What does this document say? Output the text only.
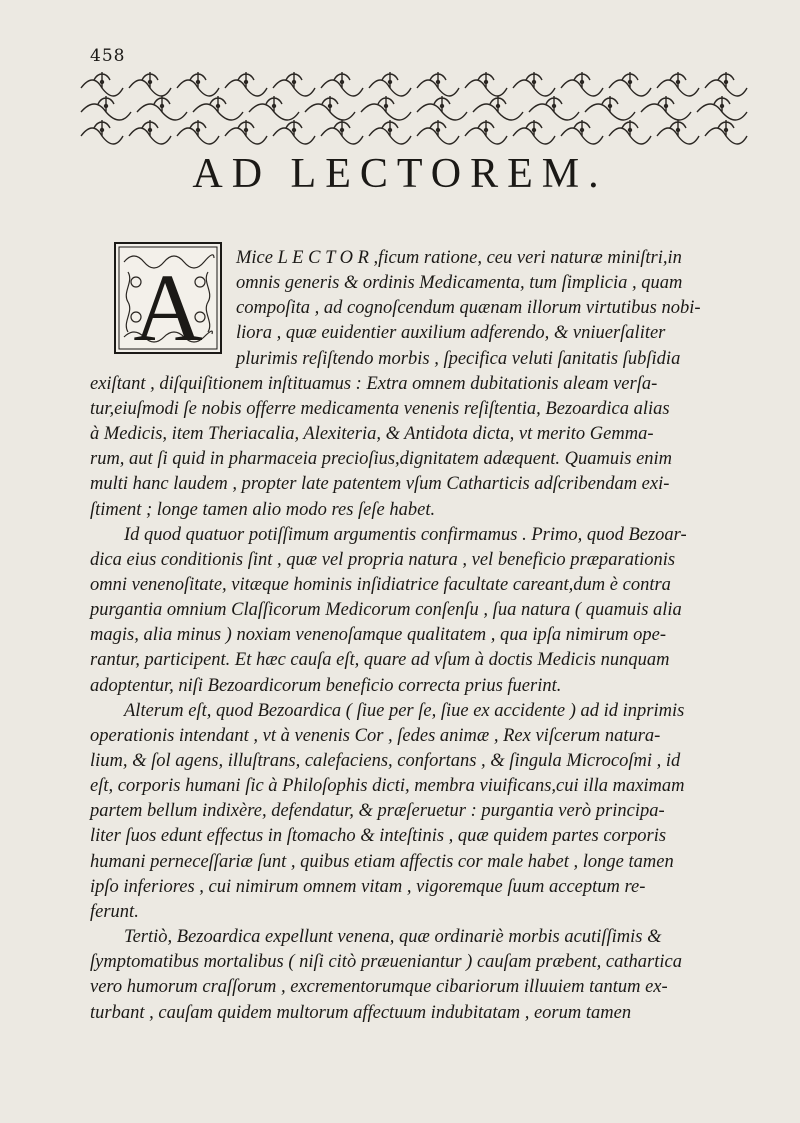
458
AD LECTOREM.
A Mice L E C T O R ,ficum ratione, ceu veri naturæ miniſtri,in
omnis generis & ordinis Medicamenta, tum ſimplicia , quam
compoſita , ad cognoſcendum quænam illorum virtutibus nobi-
liora , quæ euidentier auxilium adferendo, & vniuerſaliter
plurimis reſiſtendo morbis , ſpecifica veluti ſanitatis ſubſidia
exiſtant , diſquiſitionem inſtituamus : Extra omnem dubitationis aleam verſa-
tur,eiuſmodi ſe nobis offerre medicamenta venenis reſiſtentia, Bezoardica alias
à Medicis, item Theriacalia, Alexiteria, & Antidota dicta, vt merito Gemma-
rum, aut ſi quid in pharmaceia precioſius,dignitatem adæquent. Quamuis enim
multi hanc laudem , propter late patentem vſum Catharticis adſcribendam exi-
ſtiment ; longe tamen alio modo res ſeſe habet.
Id quod quatuor potiſſimum argumentis confirmamus . Primo, quod Bezoar-
dica eius conditionis ſint , quæ vel propria natura , vel beneficio præparationis
omni venenoſitate, vitæque hominis inſidiatrice facultate careant,dum è contra
purgantia omnium Claſſicorum Medicorum conſenſu , ſua natura ( quamuis alia
magis, alia minus ) noxiam venenoſamque qualitatem , qua ipſa nimirum ope-
rantur, participent. Et hæc cauſa eſt, quare ad vſum à doctis Medicis nunquam
adoptentur, niſi Bezoardicorum beneficio correcta prius fuerint.
Alterum eſt, quod Bezoardica ( ſiue per ſe, ſiue ex accidente ) ad id inprimis
operationis intendant , vt à venenis Cor , ſedes animæ , Rex viſcerum natura-
lium, & ſol agens, illuſtrans, calefaciens, confortans , & ſingula Microcoſmi , id
eſt, corporis humani ſic à Philoſophis dicti, membra viuificans,cui illa maximam
partem bellum indixère, defendatur, & præſeruetur : purgantia verò principa-
liter ſuos edunt effectus in ſtomacho & inteſtinis , quæ quidem partes corporis
humani perneceſſariæ ſunt , quibus etiam affectis cor male habet , longe tamen
ipſo inferiores , cui nimirum omnem vitam , vigoremque ſuum acceptum re-
ferunt.
Tertiò, Bezoardica expellunt venena, quæ ordinariè morbis acutiſſimis &
ſymptomatibus mortalibus ( niſi citò præueniantur ) cauſam præbent, cathartica
vero humorum craſſorum , excrementorumque cibariorum illuuiem tantum ex-
turbant , cauſam quidem multorum affectuum indubitatam , eorum tamen
